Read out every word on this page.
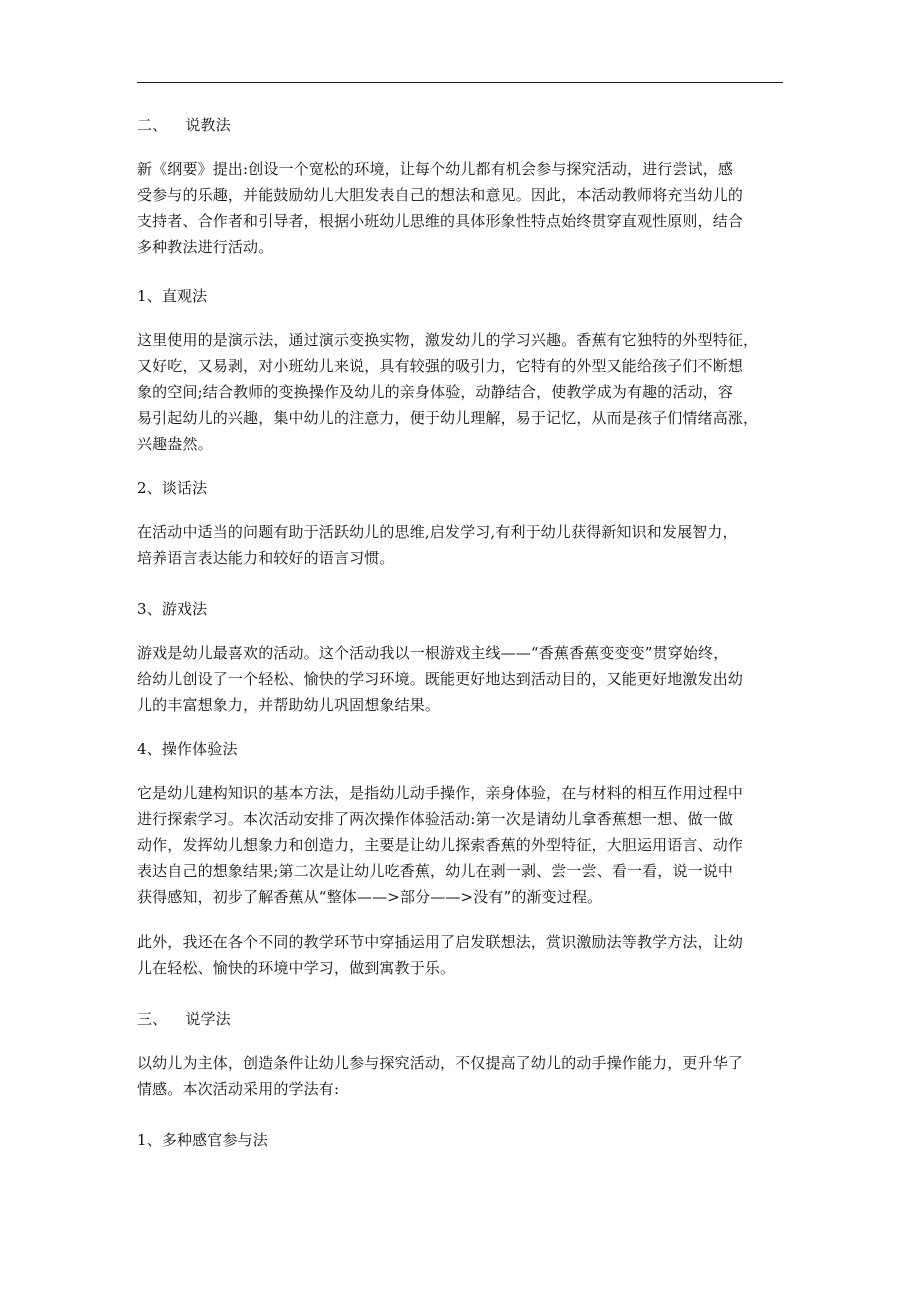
二、 说教法
新《纲要》提出:创设一个宽松的环境，让每个幼儿都有机会参与探究活动，进行尝试，感
受参与的乐趣，并能鼓励幼儿大胆发表自己的想法和意见。因此，本活动教师将充当幼儿的
支持者、合作者和引导者，根据小班幼儿思维的具体形象性特点始终贯穿直观性原则，结合
多种教法进行活动。
1、直观法
这里使用的是演示法，通过演示变换实物，激发幼儿的学习兴趣。香蕉有它独特的外型特征，
又好吃，又易剥，对小班幼儿来说，具有较强的吸引力，它特有的外型又能给孩子们不断想
象的空间;结合教师的变换操作及幼儿的亲身体验，动静结合，使教学成为有趣的活动，容
易引起幼儿的兴趣，集中幼儿的注意力，便于幼儿理解，易于记忆，从而是孩子们情绪高涨，
兴趣盎然。
2、谈话法
在活动中适当的问题有助于活跃幼儿的思维,启发学习,有利于幼儿获得新知识和发展智力，
培养语言表达能力和较好的语言习惯。
3、游戏法
游戏是幼儿最喜欢的活动。这个活动我以一根游戏主线——“香蕉香蕉变变变”贯穿始终，
给幼儿创设了一个轻松、愉快的学习环境。既能更好地达到活动目的，又能更好地激发出幼
儿的丰富想象力，并帮助幼儿巩固想象结果。
4、操作体验法
它是幼儿建构知识的基本方法，是指幼儿动手操作，亲身体验，在与材料的相互作用过程中
进行探索学习。本次活动安排了两次操作体验活动:第一次是请幼儿拿香蕉想一想、做一做
动作，发挥幼儿想象力和创造力，主要是让幼儿探索香蕉的外型特征，大胆运用语言、动作
表达自己的想象结果;第二次是让幼儿吃香蕉，幼儿在剥一剥、尝一尝、看一看，说一说中
获得感知，初步了解香蕉从“整体——>部分——>没有”的渐变过程。
此外，我还在各个不同的教学环节中穿插运用了启发联想法，赏识激励法等教学方法，让幼
儿在轻松、愉快的环境中学习，做到寓教于乐。
三、 说学法
以幼儿为主体，创造条件让幼儿参与探究活动，不仅提高了幼儿的动手操作能力，更升华了
情感。本次活动采用的学法有:
1、多种感官参与法
